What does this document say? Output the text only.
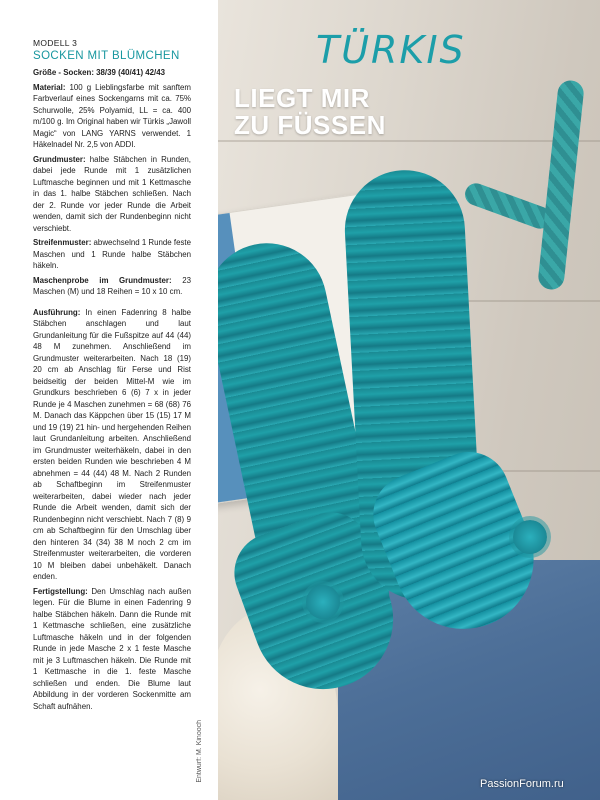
TÜRKIS
LIEGT MIR
ZU FÜSSEN
MODELL 3
SOCKEN MIT BLÜMCHEN

Größe - Socken: 38/39 (40/41) 42/43

Material: 100 g Lieblingsfarbe mit sanftem Farbverlauf eines Sockengarns mit ca. 75% Schurwolle, 25% Polyamid, LL = ca. 400 m/100 g. Im Original haben wir Türkis „Jawoll Magic“ von LANG YARNS verwendet. 1 Häkelnadel Nr. 2,5 von ADDI.

Grundmuster: halbe Stäbchen in Runden, dabei jede Runde mit 1 zusätzlichen Luftmasche beginnen und mit 1 Kettmasche in das 1. halbe Stäbchen schließen. Nach der 2. Runde vor jeder Runde die Arbeit wenden, damit sich der Rundenbeginn nicht verschiebt.

Streifenmuster: abwechselnd 1 Runde feste Maschen und 1 Runde halbe Stäbchen häkeln.

Maschenprobe im Grundmuster: 23 Maschen (M) und 18 Reihen = 10 x 10 cm.

Ausführung: In einen Fadenring 8 halbe Stäbchen anschlagen und laut Grundanleitung für die Fußspitze auf 44 (44) 48 M zunehmen. Anschließend im Grundmuster weiterarbeiten. Nach 18 (19) 20 cm ab Anschlag für Ferse und Rist beidseitig der beiden Mittel-M wie im Grundkurs beschrieben 6 (6) 7 x in jeder Runde je 4 Maschen zunehmen = 68 (68) 76 M. Danach das Käppchen über 15 (15) 17 M und 19 (19) 21 hin- und hergehenden Reihen laut Grundanleitung arbeiten. Anschließend im Grundmuster weiterhäkeln, dabei in den ersten beiden Runden wie beschrieben 4 M abnehmen = 44 (44) 48 M. Nach 2 Runden ab Schaftbeginn im Streifenmuster weiterarbeiten, dabei wieder nach jeder Runde die Arbeit wenden, damit sich der Rundenbeginn nicht verschiebt. Nach 7 (8) 9 cm ab Schaftbeginn für den Umschlag über den hinteren 34 (34) 38 M noch 2 cm im Streifenmuster weiterarbeiten, die vorderen 10 M bleiben dabei unbehäkelt. Danach enden.

Fertigstellung: Den Umschlag nach außen legen. Für die Blume in einen Fadenring 9 halbe Stäbchen häkeln. Dann die Runde mit 1 Kettmasche schließen, eine zusätzliche Luftmasche häkeln und in der folgenden Runde in jede Masche 2 x 1 feste Masche mit je 3 Luftmaschen häkeln. Die Runde mit 1 Kettmasche in die 1. feste Masche schließen und enden. Die Blume laut Abbildung in der vorderen Sockenmitte am Schaft aufnähen.

Entwurf: M. Kinooch
PassionForum.ru
